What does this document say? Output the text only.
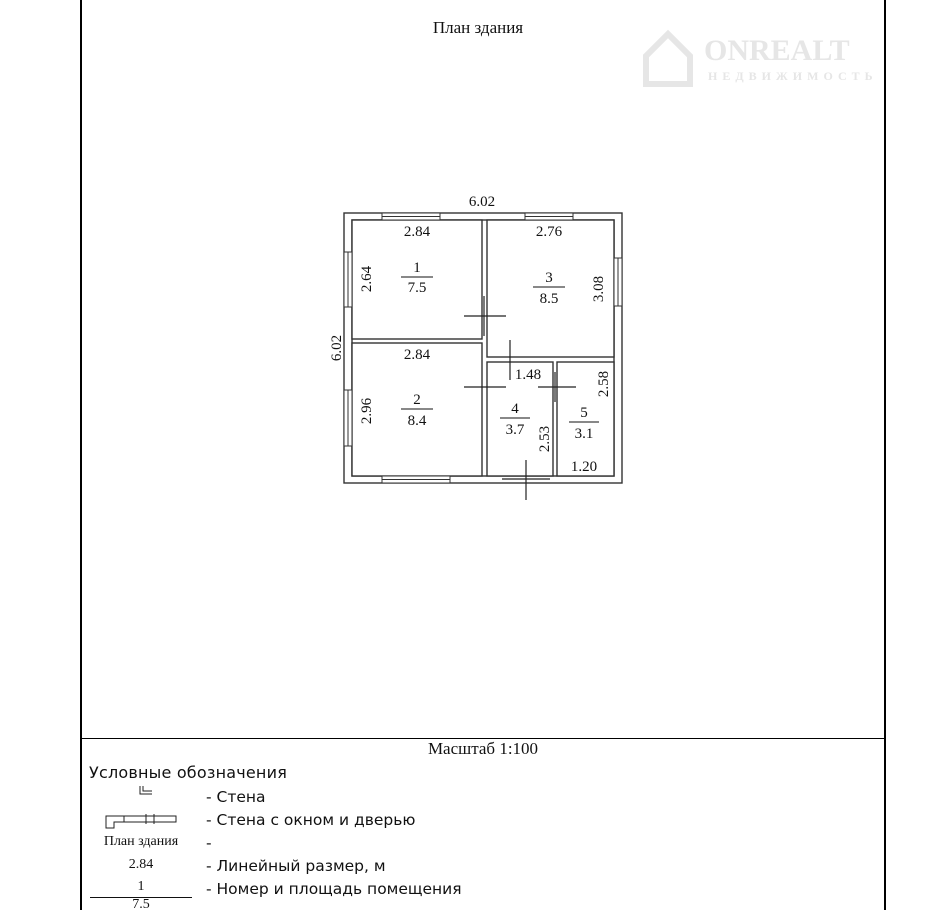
ONREALT
НЕДВИЖИМОСТЬ
План здания
6.02
6.02
2.84
2.64
2.76
3.08
2.84
2.96
1.48
2.53
2.58
1.20
1
7.5
2
8.4
3
8.5
4
3.7
5
3.1
Масштаб 1:100
Условные обозначения
План здания
2.84
1
7.5
- Стена
- Стена с окном и дверью
-
- Линейный размер, м
- Номер и площадь помещения
